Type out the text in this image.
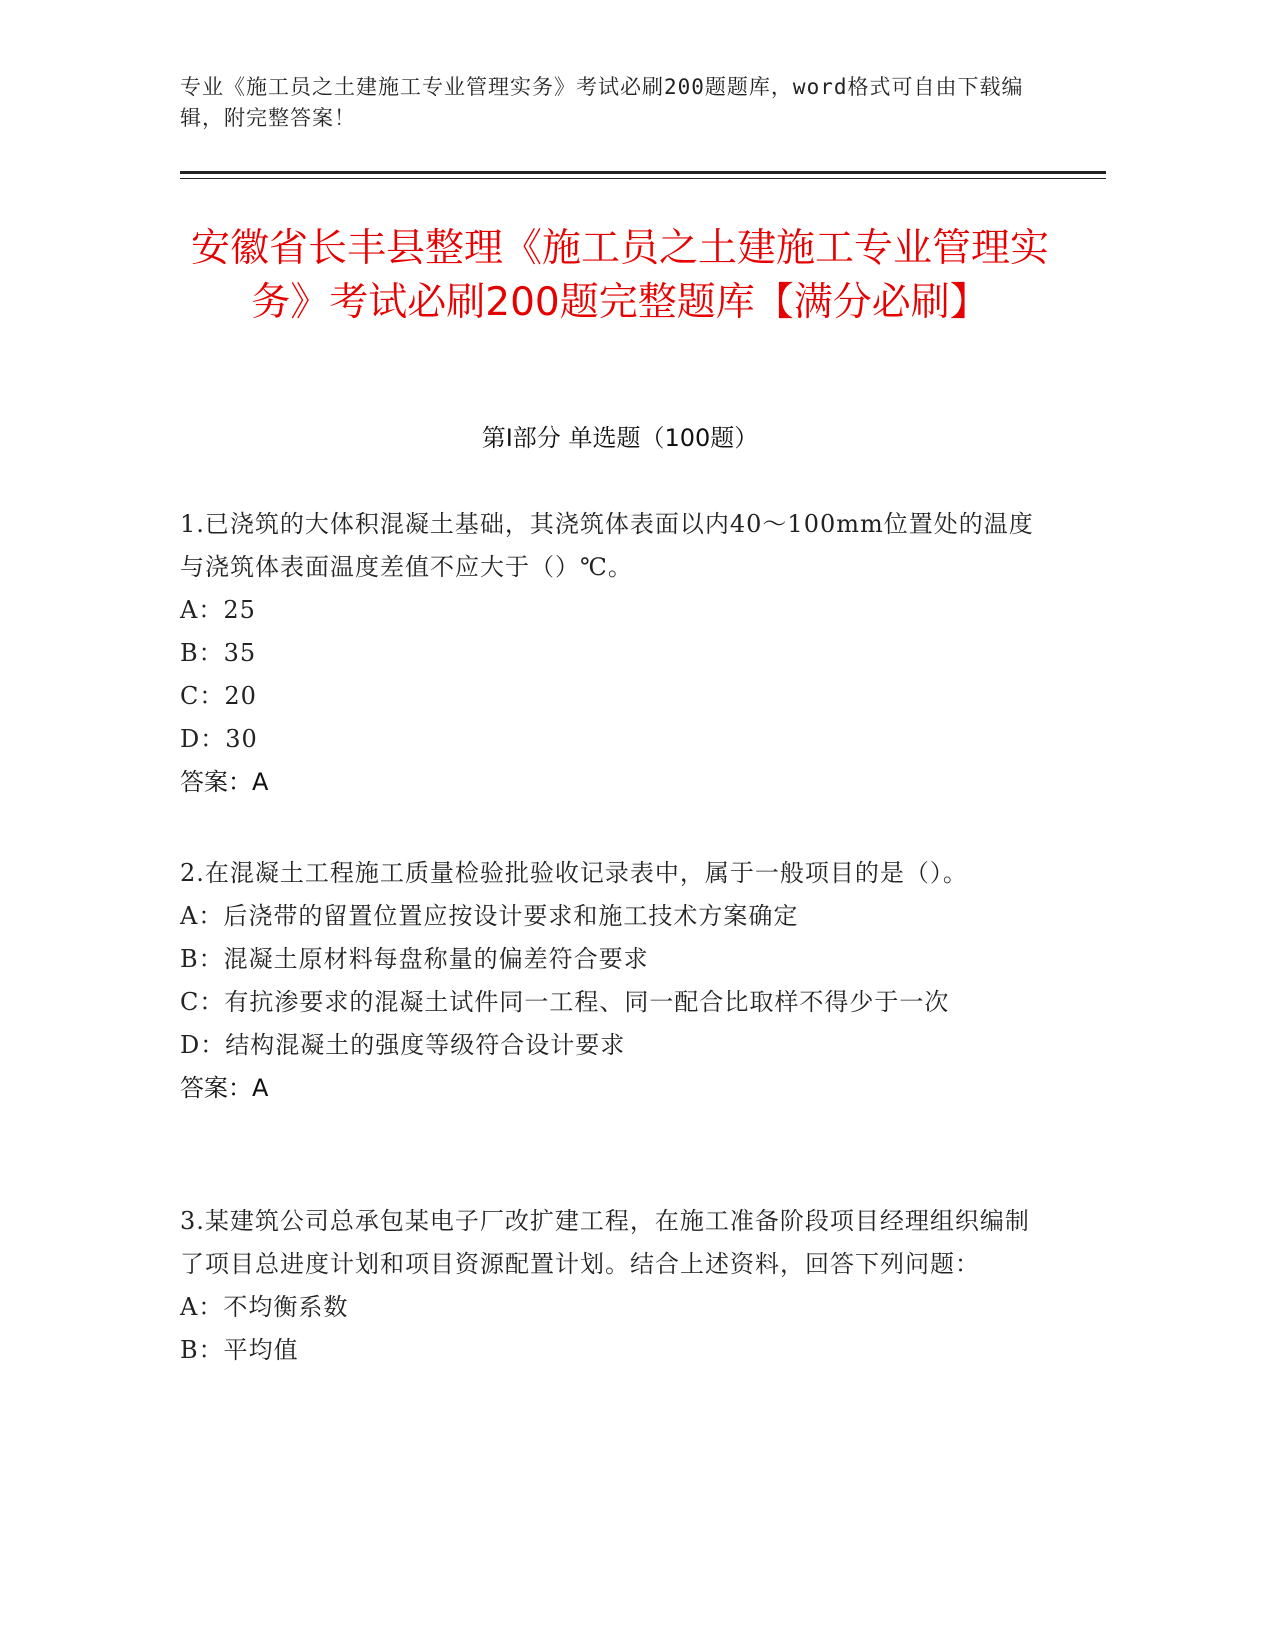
专业《施工员之土建施工专业管理实务》考试必刷200题题库，word格式可自由下载编辑，附完整答案！
安徽省长丰县整理《施工员之土建施工专业管理实务》考试必刷200题完整题库【满分必刷】
第I部分 单选题（100题）

1.已浇筑的大体积混凝土基础，其浇筑体表面以内40～100mm位置处的温度与浇筑体表面温度差值不应大于（）℃。

A：25

B：35

C：20

D：30

答案：A

2.在混凝土工程施工质量检验批验收记录表中，属于一般项目的是（）。

A：后浇带的留置位置应按设计要求和施工技术方案确定

B：混凝土原材料每盘称量的偏差符合要求

C：有抗渗要求的混凝土试件同一工程、同一配合比取样不得少于一次

D：结构混凝土的强度等级符合设计要求

答案：A

3.某建筑公司总承包某电子厂改扩建工程，在施工准备阶段项目经理组织编制了项目总进度计划和项目资源配置计划。结合上述资料，回答下列问题：

A：不均衡系数

B：平均值
